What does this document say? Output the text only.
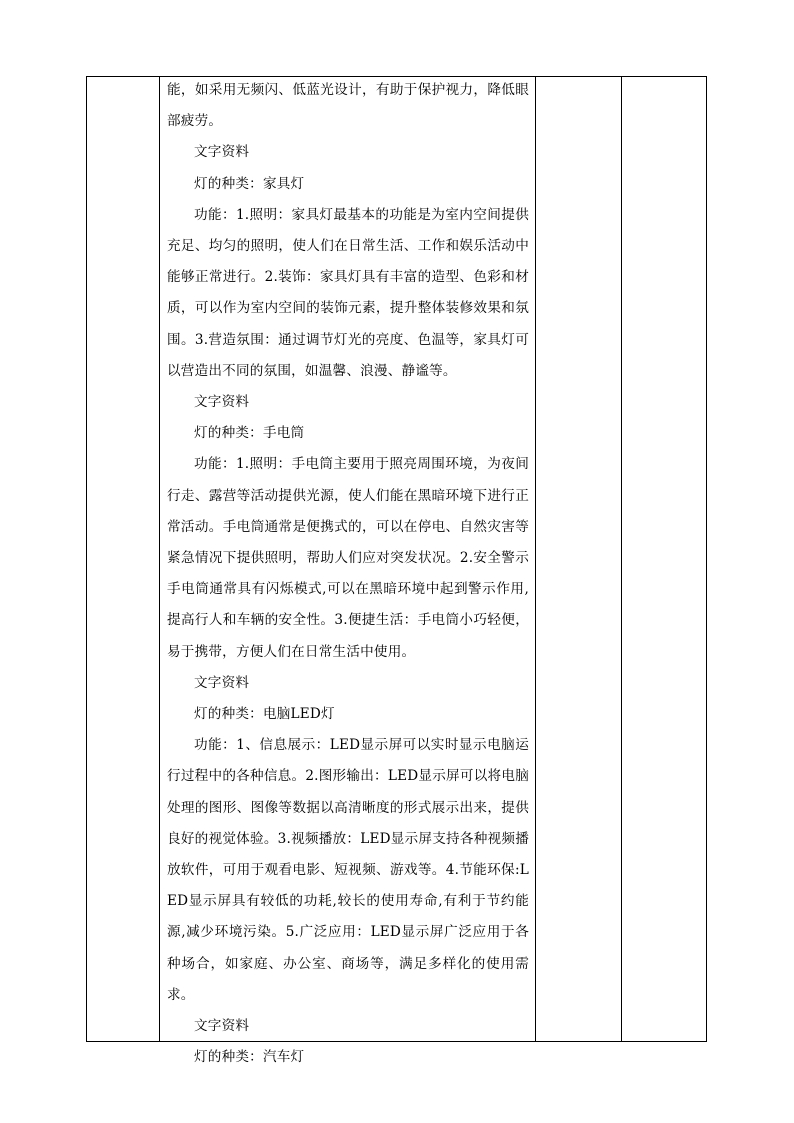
能，如采用无频闪、低蓝光设计，有助于保护视力，降低眼部疲劳。

文字资料

灯的种类：家具灯

功能：1.照明：家具灯最基本的功能是为室内空间提供充足、均匀的照明，使人们在日常生活、工作和娱乐活动中能够正常进行。2.装饰：家具灯具有丰富的造型、色彩和材质，可以作为室内空间的装饰元素，提升整体装修效果和氛围。3.营造氛围：通过调节灯光的亮度、色温等，家具灯可以营造出不同的氛围，如温馨、浪漫、静谧等。

文字资料

灯的种类：手电筒

功能：1.照明：手电筒主要用于照亮周围环境，为夜间行走、露营等活动提供光源，使人们能在黑暗环境下进行正常活动。手电筒通常是便携式的，可以在停电、自然灾害等紧急情况下提供照明，帮助人们应对突发状况。2.安全警示手电筒通常具有闪烁模式,可以在黑暗环境中起到警示作用,提高行人和车辆的安全性。3.便捷生活：手电筒小巧轻便，易于携带，方便人们在日常生活中使用。

文字资料

灯的种类：电脑LED灯

功能：1、信息展示：LED显示屏可以实时显示电脑运行过程中的各种信息。2.图形输出：LED显示屏可以将电脑处理的图形、图像等数据以高清晰度的形式展示出来，提供良好的视觉体验。3.视频播放：LED显示屏支持各种视频播放软件，可用于观看电影、短视频、游戏等。4.节能环保:LED显示屏具有较低的功耗,较长的使用寿命,有利于节约能源,减少环境污染。5.广泛应用：LED显示屏广泛应用于各种场合，如家庭、办公室、商场等，满足多样化的使用需求。

文字资料

灯的种类：汽车灯
